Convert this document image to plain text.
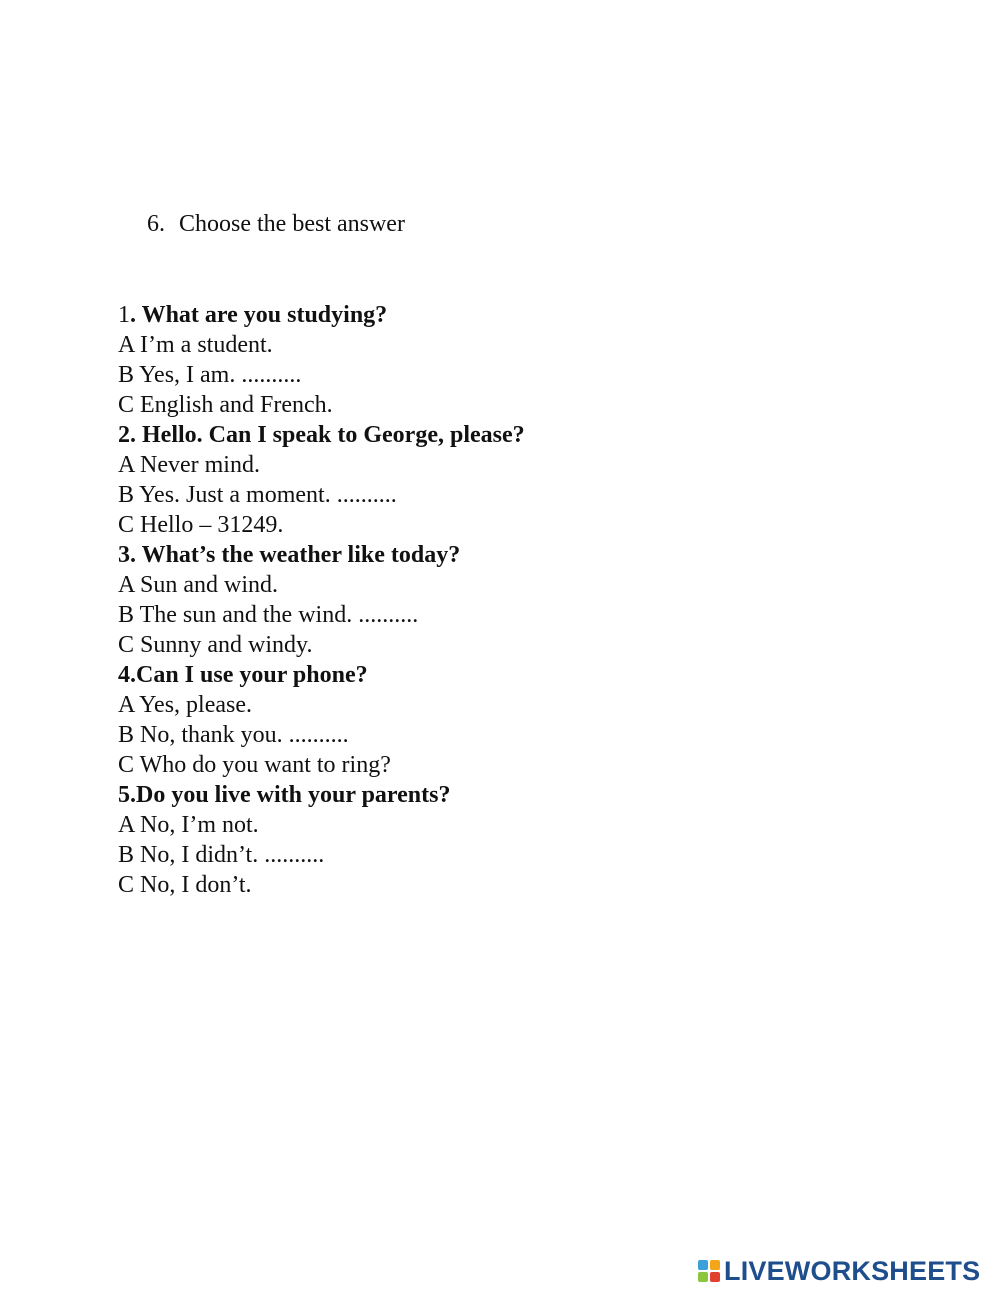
6. Choose the best answer
1. What are you studying?
A I’m a student.
B Yes, I am. ..........
C English and French.
2. Hello. Can I speak to George, please?
A Never mind.
B Yes. Just a moment. ..........
C Hello – 31249.
3. What’s the weather like today?
A Sun and wind.
B The sun and the wind. ..........
C Sunny and windy.
4.Can I use your phone?
A Yes, please.
B No, thank you. ..........
C Who do you want to ring?
5.Do you live with your parents?
A No, I’m not.
B No, I didn’t. ..........
C No, I don’t.
LIVEWORKSHEETS
